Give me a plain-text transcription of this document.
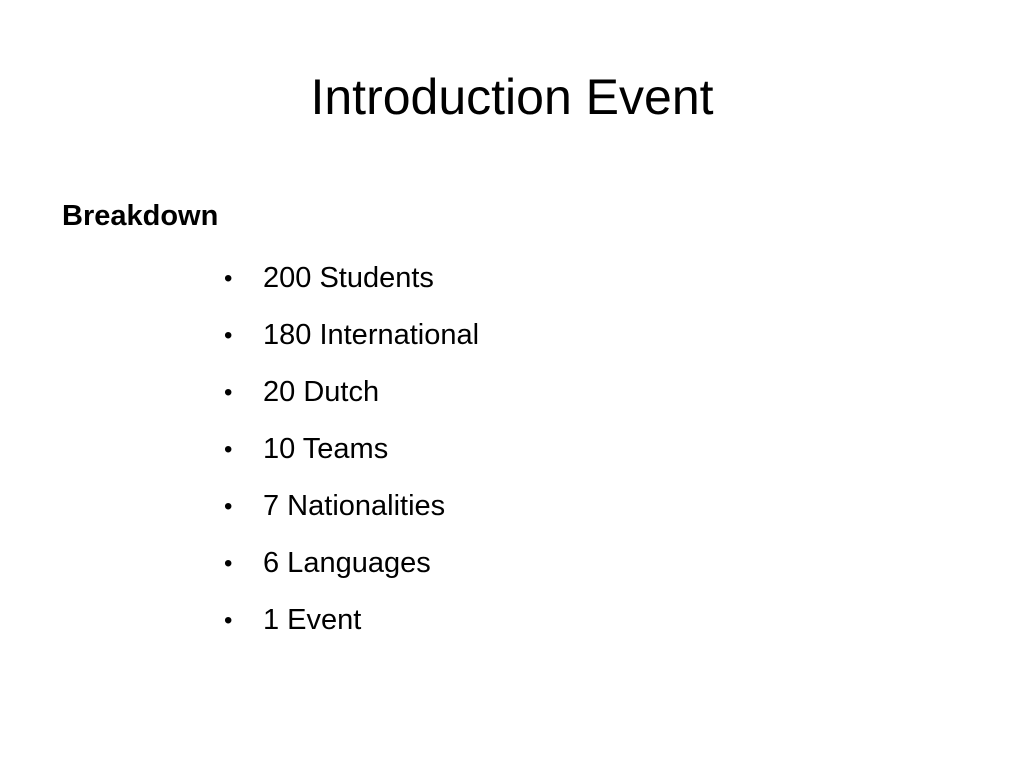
Introduction Event
Breakdown
•	200 Students
•	180 International
•	20 Dutch
•	10 Teams
•	7 Nationalities
•	6 Languages
•	1 Event
